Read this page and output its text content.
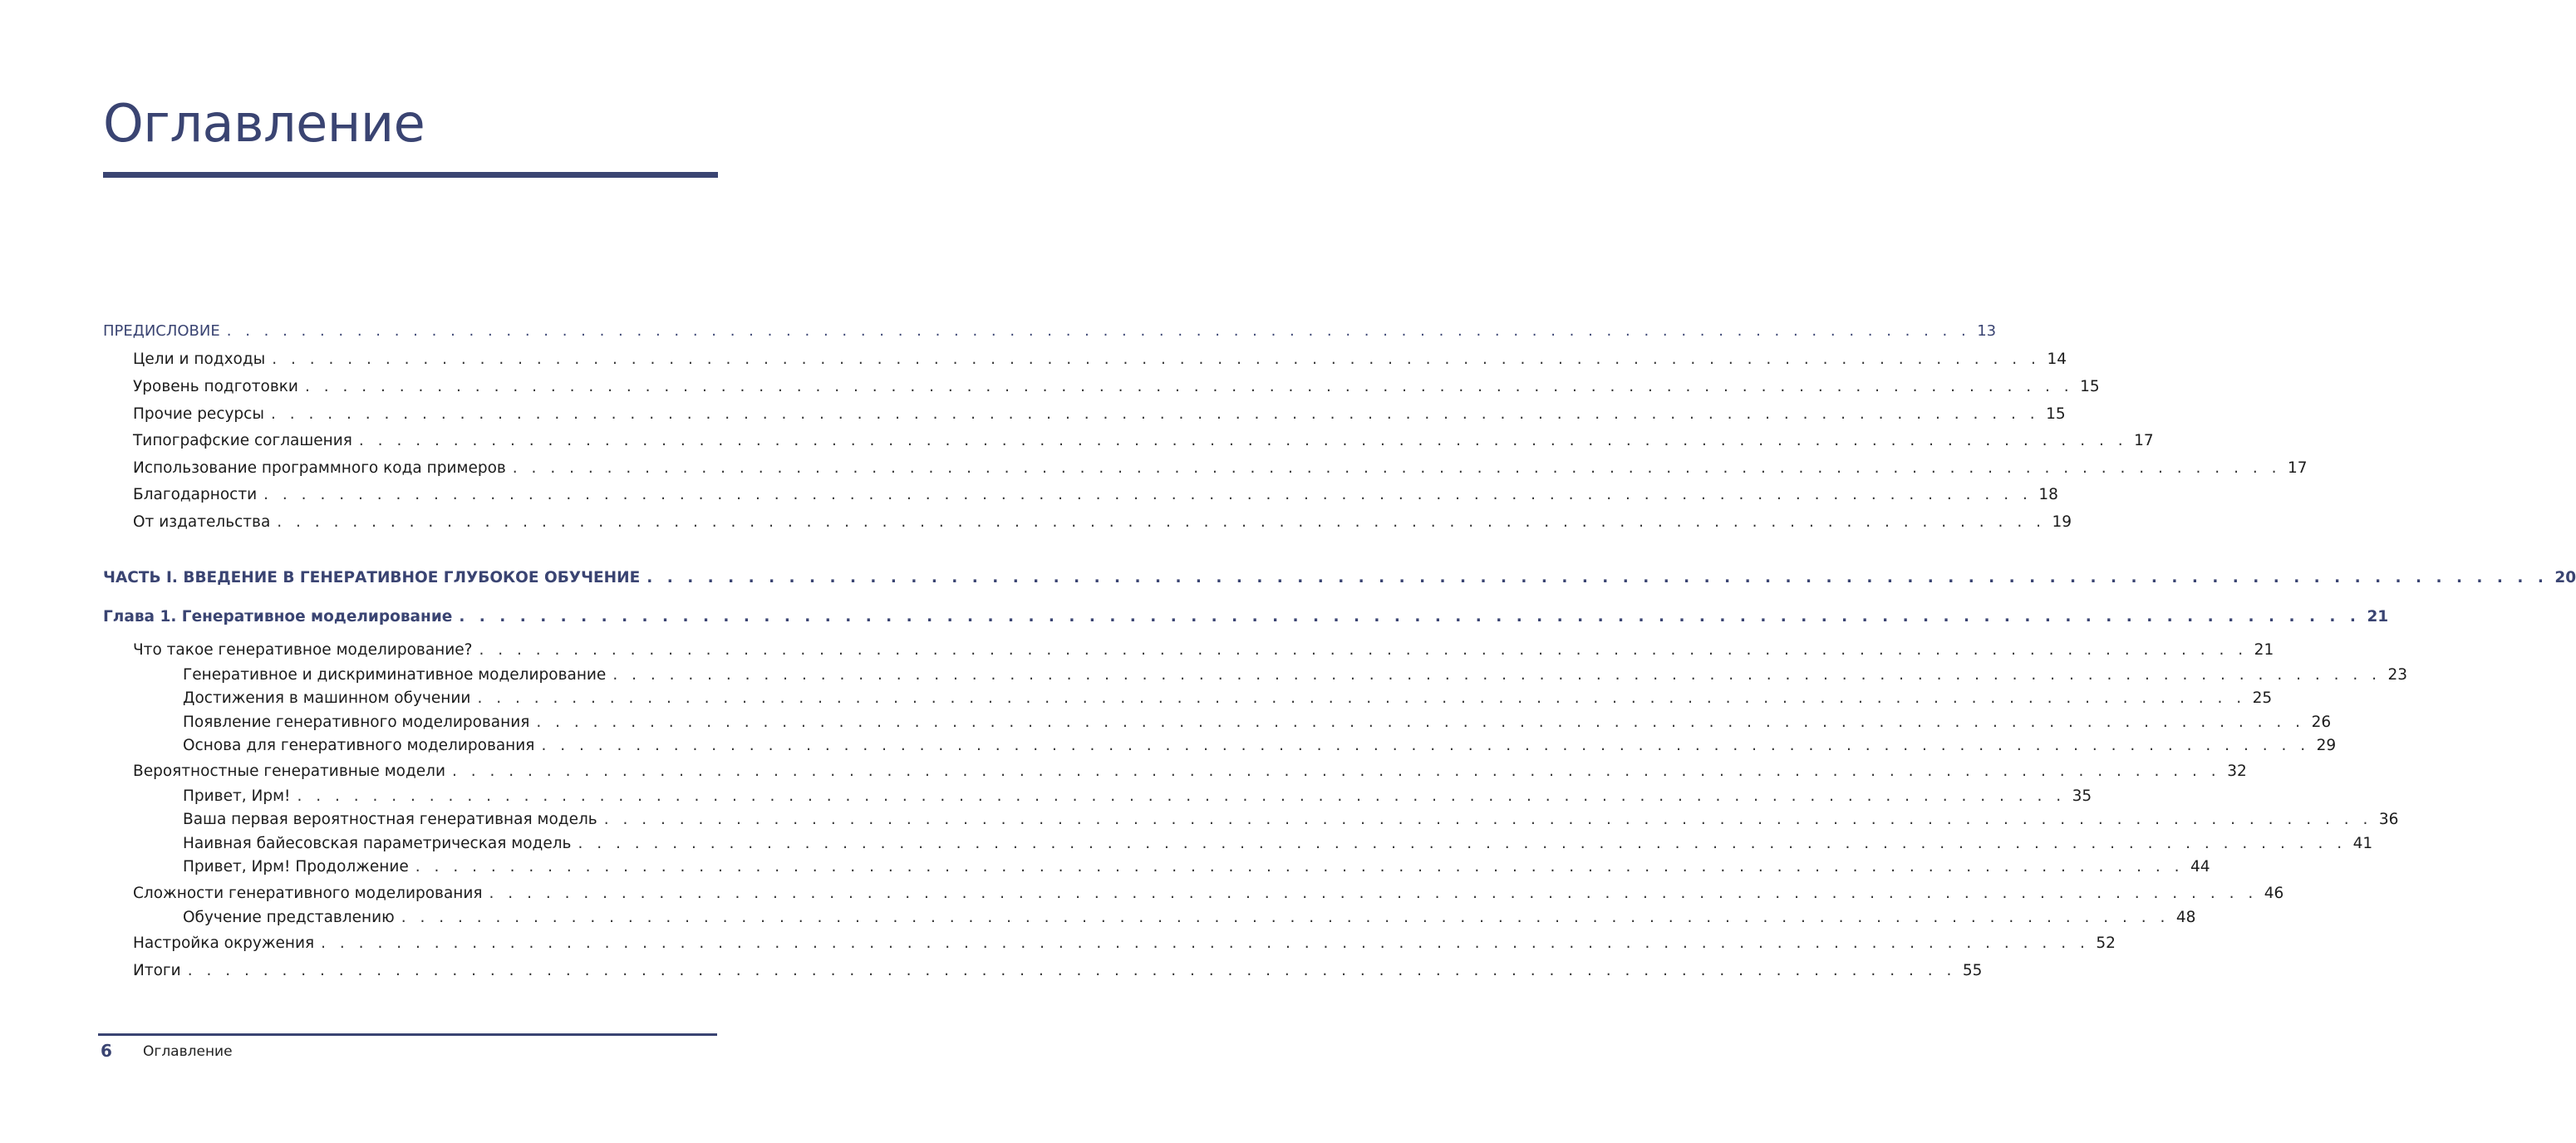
Оглавление
ПРЕДИСЛОВИЕ . . . . . . . . . . . . . . . . . . . . . . . . . . . . . . . . . . . . . . . . . . . . . . . . . . . . . . . . . . . . . . . . . . . . . . . . . . . . . . . . . . . . . . . . . . . . . . 13
Цели и подходы . . . . . . . . . . . . . . . . . . . . . . . . . . . . . . . . . . . . . . . . . . . . . . . . . . . . . . . . . . . . . . . . . . . . . . . . . . . . . . . . . . . . . . . . . . . . . . 14
Уровень подготовки . . . . . . . . . . . . . . . . . . . . . . . . . . . . . . . . . . . . . . . . . . . . . . . . . . . . . . . . . . . . . . . . . . . . . . . . . . . . . . . . . . . . . . . . . . . . . . 15
Прочие ресурсы . . . . . . . . . . . . . . . . . . . . . . . . . . . . . . . . . . . . . . . . . . . . . . . . . . . . . . . . . . . . . . . . . . . . . . . . . . . . . . . . . . . . . . . . . . . . . . 15
Типографские соглашения . . . . . . . . . . . . . . . . . . . . . . . . . . . . . . . . . . . . . . . . . . . . . . . . . . . . . . . . . . . . . . . . . . . . . . . . . . . . . . . . . . . . . . . . . . . . . . 17
Использование программного кода примеров . . . . . . . . . . . . . . . . . . . . . . . . . . . . . . . . . . . . . . . . . . . . . . . . . . . . . . . . . . . . . . . . . . . . . . . . . . . . . . . . . . . . . . . . . . . . . . 17
Благодарности . . . . . . . . . . . . . . . . . . . . . . . . . . . . . . . . . . . . . . . . . . . . . . . . . . . . . . . . . . . . . . . . . . . . . . . . . . . . . . . . . . . . . . . . . . . . . . 18
От издательства . . . . . . . . . . . . . . . . . . . . . . . . . . . . . . . . . . . . . . . . . . . . . . . . . . . . . . . . . . . . . . . . . . . . . . . . . . . . . . . . . . . . . . . . . . . . . . 19
ЧАСТЬ I. ВВЕДЕНИЕ В ГЕНЕРАТИВНОЕ ГЛУБОКОЕ ОБУЧЕНИЕ . . . . . . . . . . . . . . . . . . . . . . . . . . . . . . . . . . . . . . . . . . . . . . . . . . . . . . . . . . . . . . . . . . . . . . . . . . . . . . . . . . . . . . . . . . . . . . 20
Глава 1. Генеративное моделирование . . . . . . . . . . . . . . . . . . . . . . . . . . . . . . . . . . . . . . . . . . . . . . . . . . . . . . . . . . . . . . . . . . . . . . . . . . . . . . . . . . . . . . . . . . . . . . 21
Что такое генеративное моделирование? . . . . . . . . . . . . . . . . . . . . . . . . . . . . . . . . . . . . . . . . . . . . . . . . . . . . . . . . . . . . . . . . . . . . . . . . . . . . . . . . . . . . . . . . . . . . . . 21
Генеративное и дискриминативное моделирование . . . . . . . . . . . . . . . . . . . . . . . . . . . . . . . . . . . . . . . . . . . . . . . . . . . . . . . . . . . . . . . . . . . . . . . . . . . . . . . . . . . . . . . . . . . . . . 23
Достижения в машинном обучении . . . . . . . . . . . . . . . . . . . . . . . . . . . . . . . . . . . . . . . . . . . . . . . . . . . . . . . . . . . . . . . . . . . . . . . . . . . . . . . . . . . . . . . . . . . . . . 25
Появление генеративного моделирования . . . . . . . . . . . . . . . . . . . . . . . . . . . . . . . . . . . . . . . . . . . . . . . . . . . . . . . . . . . . . . . . . . . . . . . . . . . . . . . . . . . . . . . . . . . . . . 26
Основа для генеративного моделирования . . . . . . . . . . . . . . . . . . . . . . . . . . . . . . . . . . . . . . . . . . . . . . . . . . . . . . . . . . . . . . . . . . . . . . . . . . . . . . . . . . . . . . . . . . . . . . 29
Вероятностные генеративные модели . . . . . . . . . . . . . . . . . . . . . . . . . . . . . . . . . . . . . . . . . . . . . . . . . . . . . . . . . . . . . . . . . . . . . . . . . . . . . . . . . . . . . . . . . . . . . . 32
Привет, Ирм! . . . . . . . . . . . . . . . . . . . . . . . . . . . . . . . . . . . . . . . . . . . . . . . . . . . . . . . . . . . . . . . . . . . . . . . . . . . . . . . . . . . . . . . . . . . . . . 35
Ваша первая вероятностная генеративная модель . . . . . . . . . . . . . . . . . . . . . . . . . . . . . . . . . . . . . . . . . . . . . . . . . . . . . . . . . . . . . . . . . . . . . . . . . . . . . . . . . . . . . . . . . . . . . . 36
Наивная байесовская параметрическая модель . . . . . . . . . . . . . . . . . . . . . . . . . . . . . . . . . . . . . . . . . . . . . . . . . . . . . . . . . . . . . . . . . . . . . . . . . . . . . . . . . . . . . . . . . . . . . . 41
Привет, Ирм! Продолжение . . . . . . . . . . . . . . . . . . . . . . . . . . . . . . . . . . . . . . . . . . . . . . . . . . . . . . . . . . . . . . . . . . . . . . . . . . . . . . . . . . . . . . . . . . . . . . 44
Сложности генеративного моделирования . . . . . . . . . . . . . . . . . . . . . . . . . . . . . . . . . . . . . . . . . . . . . . . . . . . . . . . . . . . . . . . . . . . . . . . . . . . . . . . . . . . . . . . . . . . . . . 46
Обучение представлению . . . . . . . . . . . . . . . . . . . . . . . . . . . . . . . . . . . . . . . . . . . . . . . . . . . . . . . . . . . . . . . . . . . . . . . . . . . . . . . . . . . . . . . . . . . . . . 48
Настройка окружения . . . . . . . . . . . . . . . . . . . . . . . . . . . . . . . . . . . . . . . . . . . . . . . . . . . . . . . . . . . . . . . . . . . . . . . . . . . . . . . . . . . . . . . . . . . . . . 52
Итоги . . . . . . . . . . . . . . . . . . . . . . . . . . . . . . . . . . . . . . . . . . . . . . . . . . . . . . . . . . . . . . . . . . . . . . . . . . . . . . . . . . . . . . . . . . . . . . 55
6 Оглавление
